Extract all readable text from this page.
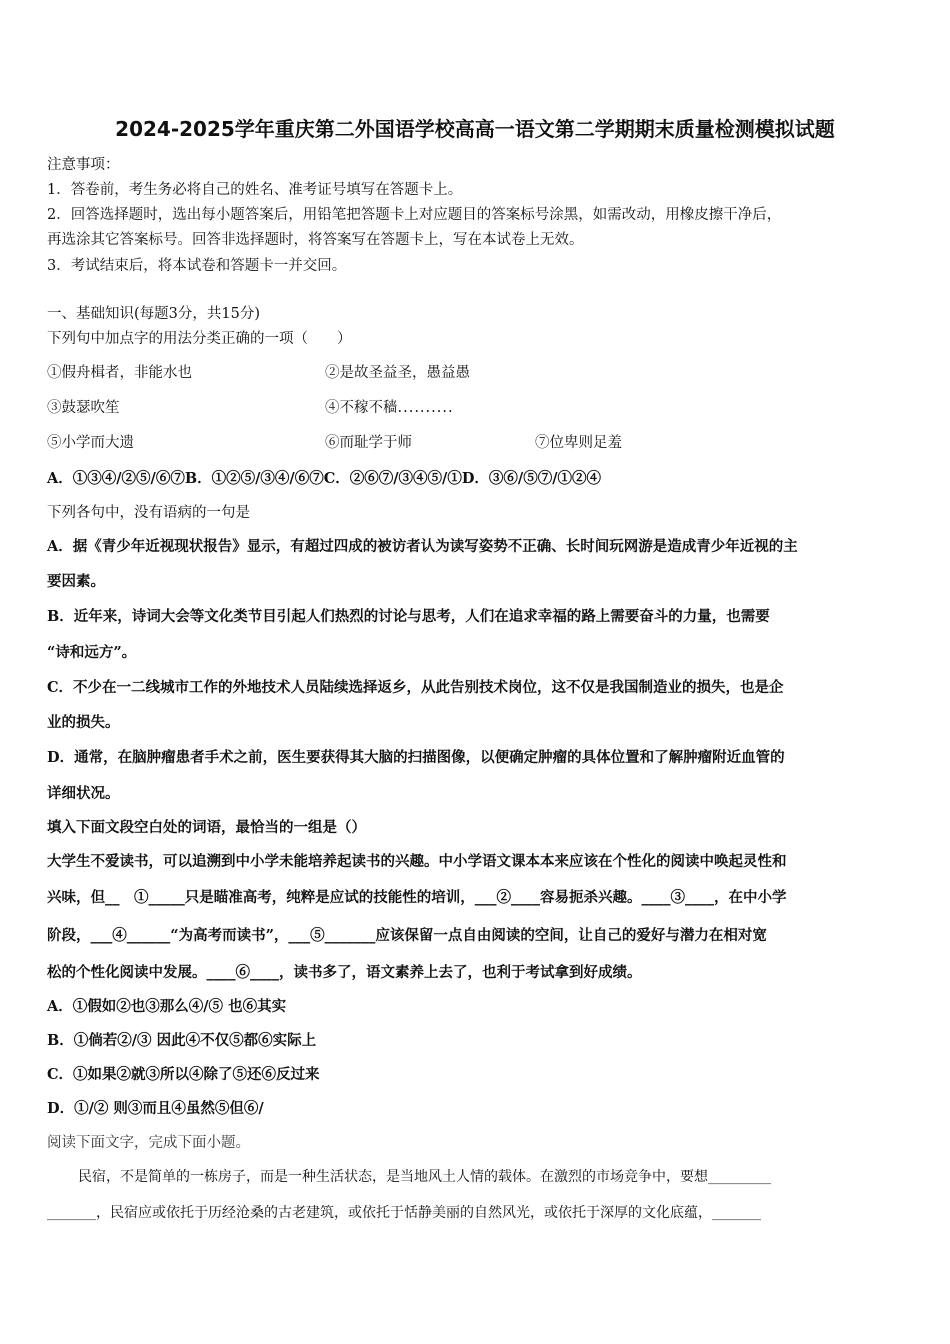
2024-2025学年重庆第二外国语学校高高一语文第二学期期末质量检测模拟试题
注意事项：
1．答卷前，考生务必将自己的姓名、准考证号填写在答题卡上。
2．回答选择题时，选出每小题答案后，用铅笔把答题卡上对应题目的答案标号涂黑，如需改动，用橡皮擦干净后，
再选涂其它答案标号。回答非选择题时，将答案写在答题卡上，写在本试卷上无效。
3．考试结束后，将本试卷和答题卡一并交回。
一、基础知识(每题3分，共15分)
下列句中加点字的用法分类正确的一项（　　）
①假舟楫者，非能水也	②是故圣益圣，愚益愚
③鼓瑟吹笙	④不稼不穑..........
⑤小学而大遗	⑥而耻学于师	⑦位卑则足羞
A．①③④/②⑤/⑥⑦B．①②⑤/③④/⑥⑦C．②⑥⑦/③④⑤/①D．③⑥/⑤⑦/①②④
下列各句中，没有语病的一句是
A．据《青少年近视现状报告》显示，有超过四成的被访者认为读写姿势不正确、长时间玩网游是造成青少年近视的主
要因素。
B．近年来，诗词大会等文化类节目引起人们热烈的讨论与思考，人们在追求幸福的路上需要奋斗的力量，也需要
“诗和远方”。
C．不少在一二线城市工作的外地技术人员陆续选择返乡，从此告别技术岗位，这不仅是我国制造业的损失，也是企
业的损失。
D．通常，在脑肿瘤患者手术之前，医生要获得其大脑的扫描图像，以便确定肿瘤的具体位置和了解肿瘤附近血管的
详细状况。
填入下面文段空白处的词语，最恰当的一组是（）
大学生不爱读书，可以追溯到中小学未能培养起读书的兴趣。中小学语文课本本来应该在个性化的阅读中唤起灵性和
兴味，但__　①_____只是瞄准高考，纯粹是应试的技能性的培训，___②____容易扼杀兴趣。____③____，在中小学
阶段，___④______“为高考而读书”，___⑤_______应该保留一点自由阅读的空间，让自己的爱好与潜力在相对宽
松的个性化阅读中发展。____⑥____，读书多了，语文素养上去了，也利于考试拿到好成绩。
A．①假如②也③那么④/⑤ 也⑥其实
B．①倘若②/③ 因此④不仅⑤都⑥实际上
C．①如果②就③所以④除了⑤还⑥反过来
D．①/② 则③而且④虽然⑤但⑥/
阅读下面文字，完成下面小题。
民宿，不是简单的一栋房子，而是一种生活状态，是当地风土人情的载体。在激烈的市场竞争中，要想_________
_______，民宿应或依托于历经沧桑的古老建筑，或依托于恬静美丽的自然风光，或依托于深厚的文化底蕴，_______
